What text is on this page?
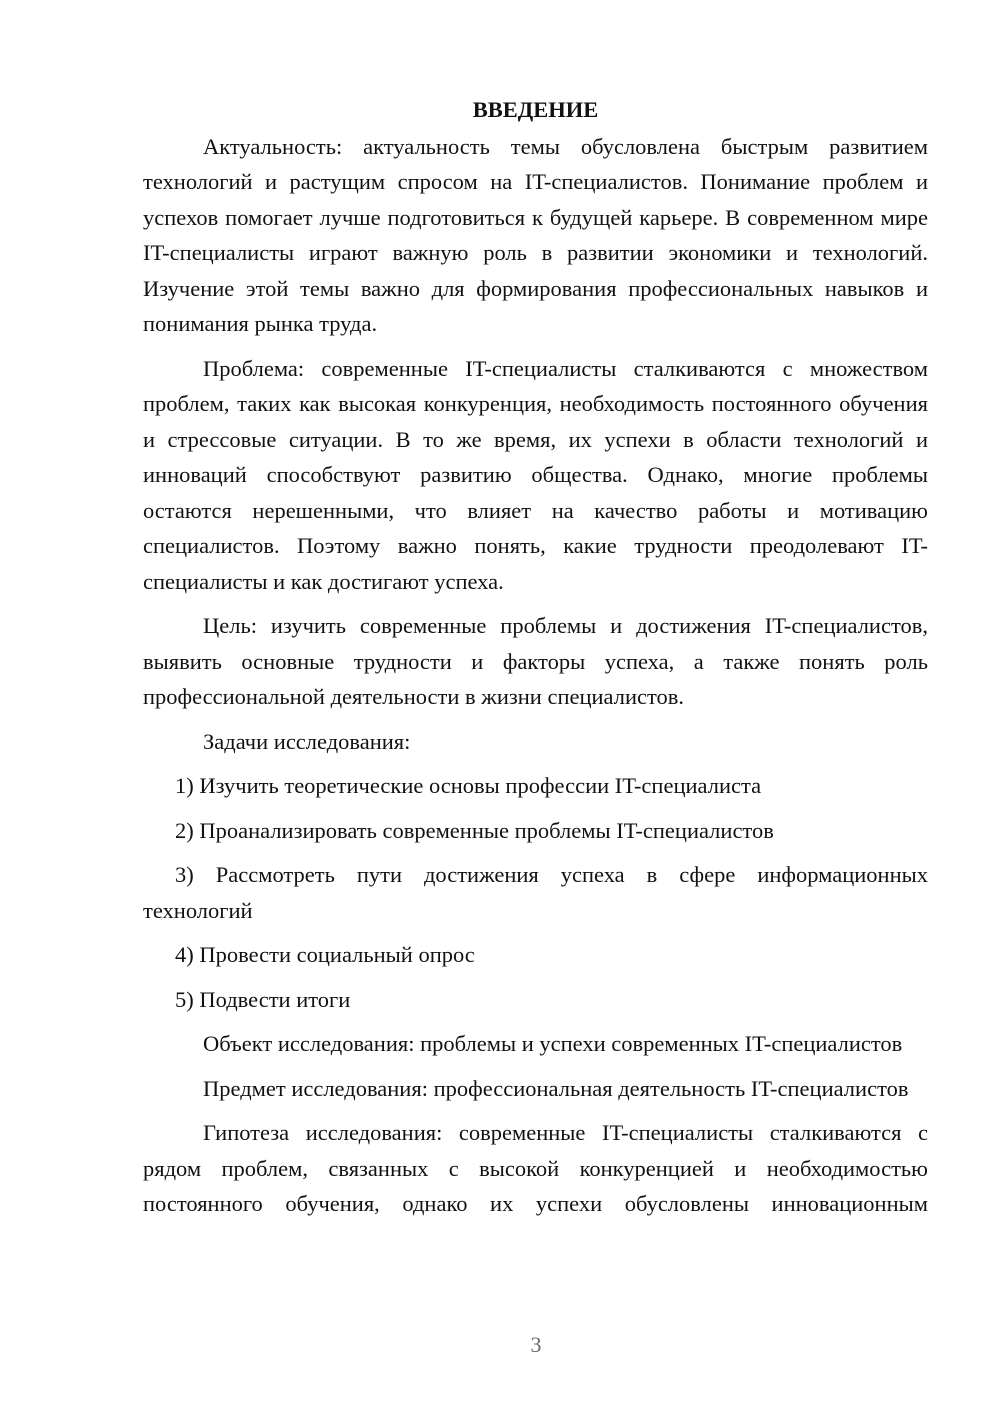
ВВЕДЕНИЕ

Актуальность: актуальность темы обусловлена быстрым развитием технологий и растущим спросом на IT-специалистов. Понимание проблем и успехов помогает лучше подготовиться к будущей карьере. В современном мире IT-специалисты играют важную роль в развитии экономики и технологий. Изучение этой темы важно для формирования профессиональных навыков и понимания рынка труда.

Проблема: современные IT-специалисты сталкиваются с множеством проблем, таких как высокая конкуренция, необходимость постоянного обучения и стрессовые ситуации. В то же время, их успехи в области технологий и инноваций способствуют развитию общества. Однако, многие проблемы остаются нерешенными, что влияет на качество работы и мотивацию специалистов. Поэтому важно понять, какие трудности преодолевают IT-специалисты и как достигают успеха.

Цель: изучить современные проблемы и достижения IT-специалистов, выявить основные трудности и факторы успеха, а также понять роль профессиональной деятельности в жизни специалистов.

Задачи исследования:

1) Изучить теоретические основы профессии IT-специалиста

2) Проанализировать современные проблемы IT-специалистов

3) Рассмотреть пути достижения успеха в сфере информационных технологий

4) Провести социальный опрос

5) Подвести итоги

Объект исследования: проблемы и успехи современных IT-специалистов

Предмет исследования: профессиональная деятельность IT-специалистов

Гипотеза исследования: современные IT-специалисты сталкиваются с рядом проблем, связанных с высокой конкуренцией и необходимостью постоянного обучения, однако их успехи обусловлены инновационным

3
